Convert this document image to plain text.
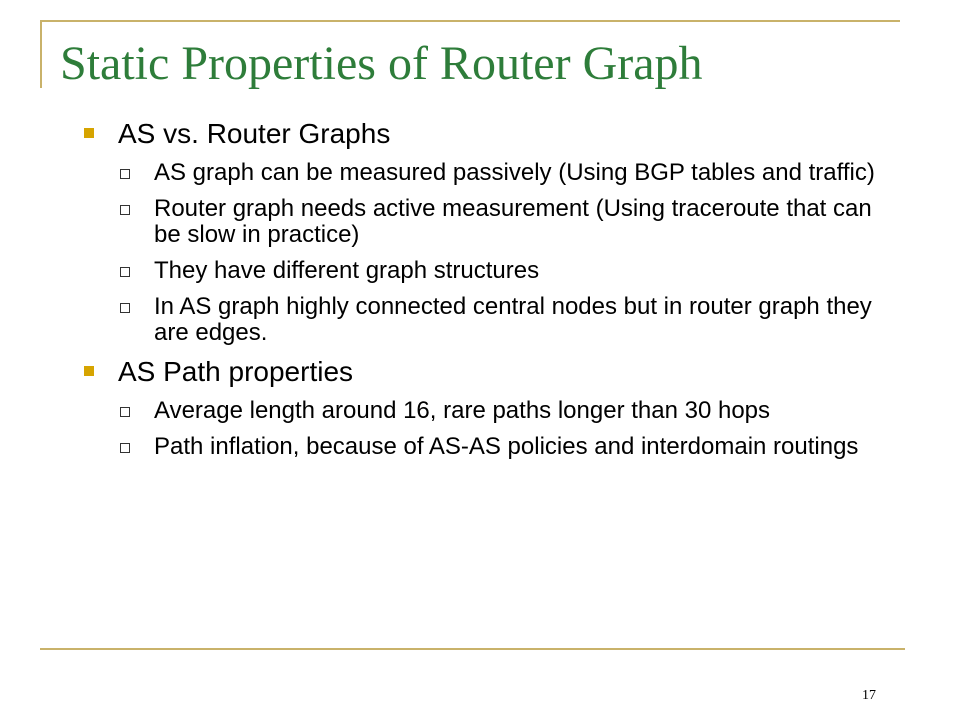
Static Properties of Router Graph
AS vs. Router Graphs
AS graph can be measured passively (Using BGP tables and traffic)
Router graph needs active measurement (Using traceroute that can be slow in practice)
They have different graph structures
In AS graph highly connected central nodes but in router graph they are edges.
AS Path properties
Average length around 16, rare paths longer than 30 hops
Path inflation, because of AS-AS policies and interdomain routings
17
